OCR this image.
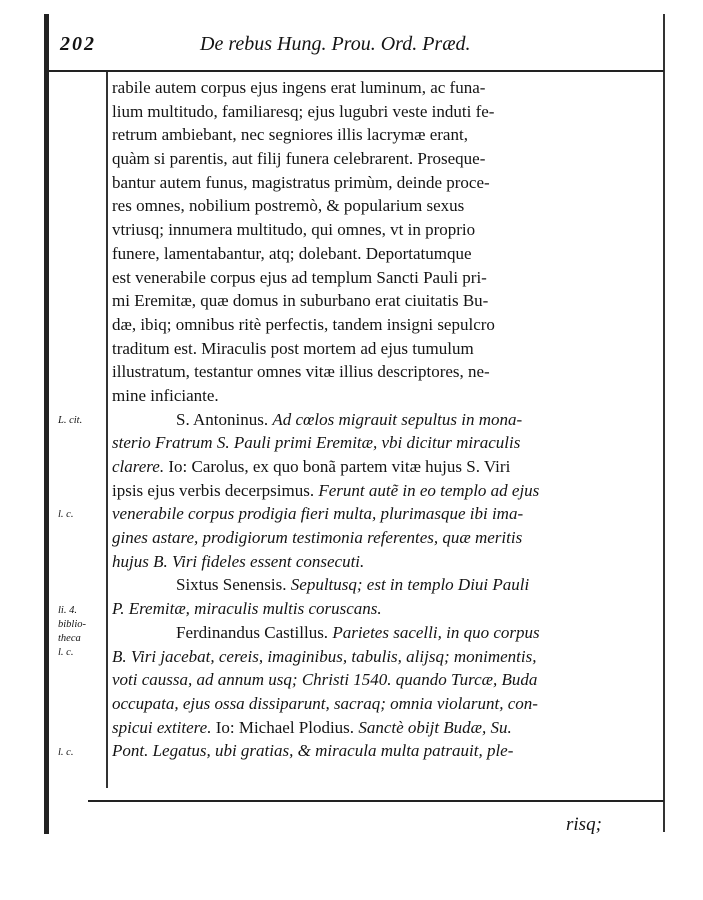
202	De rebus Hung. Prou. Ord. Præd.
rabile autem corpus ejus ingens erat luminum, ac funa-
lium multitudo, familiaresq; ejus lugubri veste induti fe-
retrum ambiebant, nec segniores illis lacrymæ erant,
quàm si parentis, aut filij funera celebrarent. Proseque-
bantur autem funus, magistratus primùm, deinde proce-
res omnes, nobilium postremò, & popularium sexus
vtriusq; innumera multitudo, qui omnes, vt in proprio
funere, lamentabantur, atq; dolebant. Deportatumque
est venerabile corpus ejus ad templum Sancti Pauli pri-
mi Eremitæ, quæ domus in suburbano erat ciuitatis Bu-
dæ, ibiq; omnibus ritè perfectis, tandem insigni sepulcro
traditum est. Miraculis post mortem ad ejus tumulum
illustratum, testantur omnes vitæ illius descriptores, ne-
mine inficiante.
S. Antoninus. Ad cœlos migrauit sepultus in mona-
sterio Fratrum S. Pauli primi Eremitæ, vbi dicitur miraculis
clarere. Io: Carolus, ex quo bonã partem vitæ hujus S. Viri
ipsis ejus verbis decerpsimus. Ferunt autẽ in eo templo ad ejus
venerabile corpus prodigia fieri multa, plurimasque ibi ima-
gines astare, prodigiorum testimonia referentes, quæ meritis
hujus B. Viri fideles essent consecuti.
Sixtus Senensis. Sepultusq; est in templo Diui Pauli
P. Eremitæ, miraculis multis coruscans.
Ferdinandus Castillus. Parietes sacelli, in quo corpus
B. Viri jacebat, cereis, imaginibus, tabulis, alijsq; monimentis,
voti caussa, ad annum usq; Christi 1540. quando Turcæ, Buda
occupata, ejus ossa dissiparunt, sacraq; omnia violarunt, con-
spicui extitere. Io: Michael Plodius. Sanctè obijt Budæ, Su.
Pont. Legatus, ubi gratias, & miracula multa patrauit, ple-
L. cit.
l. c.
li. 4.
biblio-
theca
l. c.
l. c.
risq;
